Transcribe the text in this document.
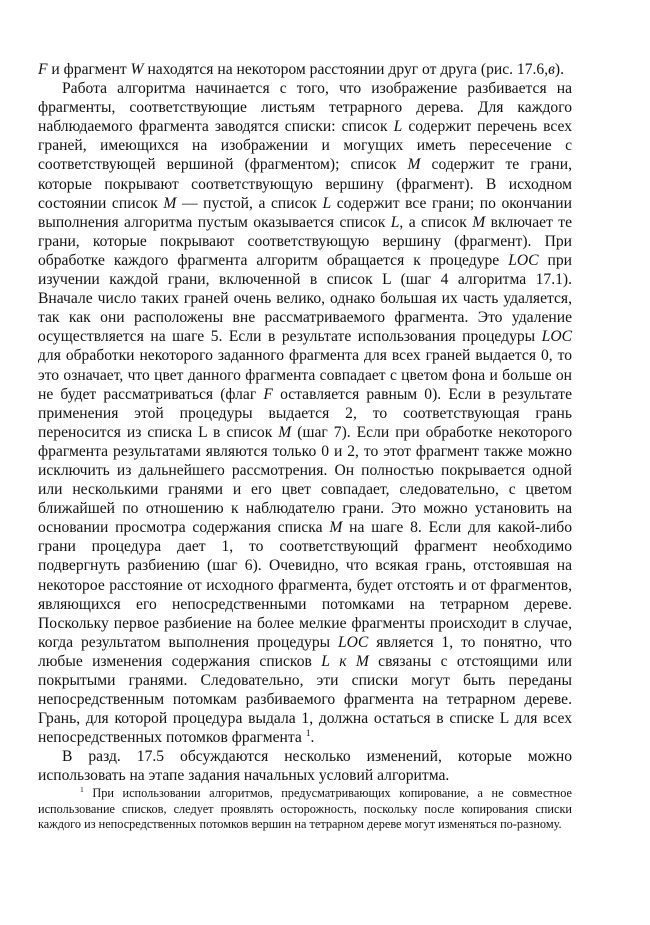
F и фрагмент W находятся на некотором расстоянии друг от друга (рис. 17.6,в).

Работа алгоритма начинается с того, что изображение разбивается на фрагменты, соответствующие листьям тетрарного дерева. Для каждого наблюдаемого фрагмента заводятся списки: список L содержит перечень всех граней, имеющихся на изображении и могущих иметь пересечение с соответствующей вершиной (фрагментом); список M содержит те грани, которые покрывают соответствующую вершину (фрагмент). В исходном состоянии список M — пустой, а список L содержит все грани; по окончании выполнения алгоритма пустым оказывается список L, а список M включает те грани, которые покрывают соответствующую вершину (фрагмент). При обработке каждого фрагмента алгоритм обращается к процедуре LOC при изучении каждой грани, включенной в список L (шаг 4 алгоритма 17.1). Вначале число таких граней очень велико, однако большая их часть удаляется, так как они расположены вне рассматриваемого фрагмента. Это удаление осуществляется на шаге 5. Если в результате использования процедуры LOC для обработки некоторого заданного фрагмента для всех граней выдается 0, то это означает, что цвет данного фрагмента совпадает с цветом фона и больше он не будет рассматриваться (флаг F оставляется равным 0). Если в результате применения этой процедуры выдается 2, то соответствующая грань переносится из списка L в список M (шаг 7). Если при обработке некоторого фрагмента результатами являются только 0 и 2, то этот фрагмент также можно исключить из дальнейшего рассмотрения. Он полностью покрывается одной или несколькими гранями и его цвет совпадает, следовательно, с цветом ближайшей по отношению к наблюдателю грани. Это можно установить на основании просмотра содержания списка M на шаге 8. Если для какой-либо грани процедура дает 1, то соответствующий фрагмент необходимо подвергнуть разбиению (шаг 6). Очевидно, что всякая грань, отстоявшая на некоторое расстояние от исходного фрагмента, будет отстоять и от фрагментов, являющихся его непосредственными потомками на тетрарном дереве. Поскольку первое разбиение на более мелкие фрагменты происходит в случае, когда результатом выполнения процедуры LOC является 1, то понятно, что любые изменения содержания списков L к M связаны с отстоящими или покрытыми гранями. Следовательно, эти списки могут быть переданы непосредственным потомкам разбиваемого фрагмента на тетрарном дереве. Грань, для которой процедура выдала 1, должна остаться в списке L для всех непосредственных потомков фрагмента $^1$.

В разд. 17.5 обсуждаются несколько изменений, которые можно использовать на этапе задания начальных условий алгоритма.

$^1$ При использовании алгоритмов, предусматривающих копирование, а не совместное использование списков, следует проявлять осторожность, поскольку после копирования списки каждого из непосредственных потомков вершин на тетрарном дереве могут изменяться по-разному.
